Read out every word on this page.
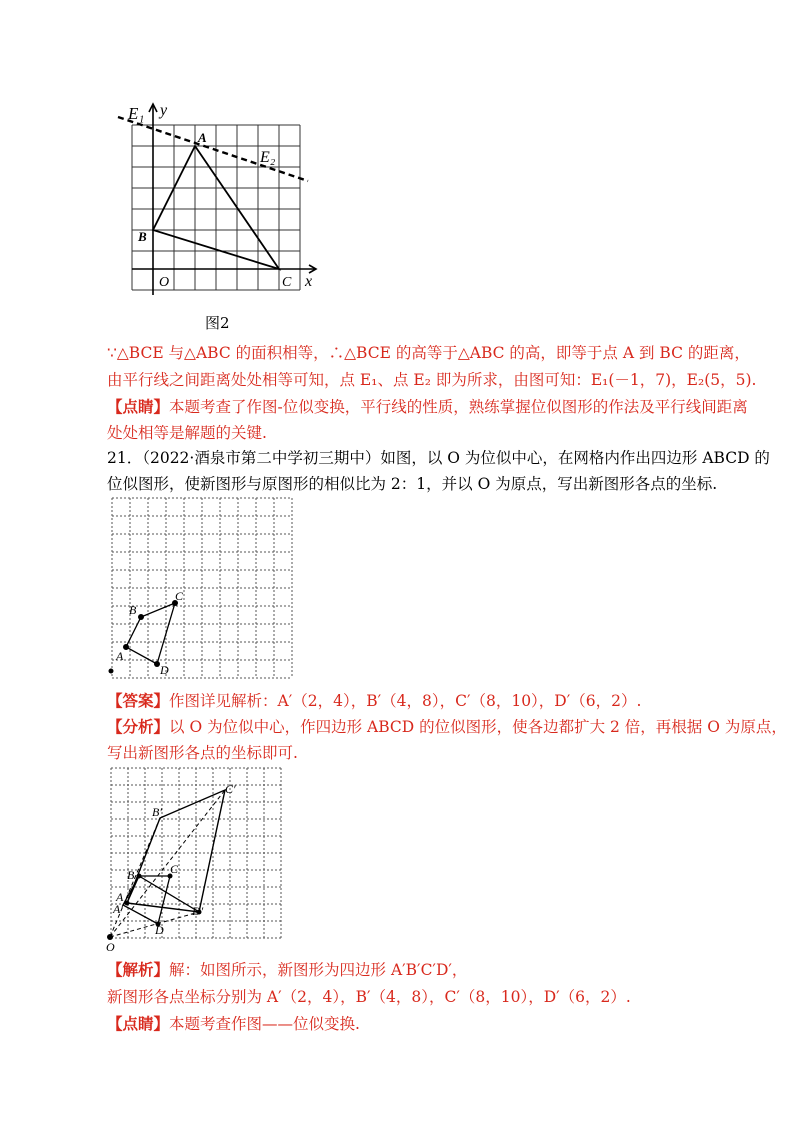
E₁ y
A
E₂
B
O	C x
图2
∵△BCE 与△ABC 的面积相等，∴△BCE 的高等于△ABC 的高，即等于点 A 到 BC 的距离，
由平行线之间距离处处相等可知，点 E₁、点 E₂ 即为所求，由图可知：E₁(－1，7)，E₂(5，5).
【点睛】本题考查了作图-位似变换，平行线的性质，熟练掌握位似图形的作法及平行线间距离
处处相等是解题的关键.
21．（2022·酒泉市第二中学初三期中）如图，以 O 为位似中心，在网格内作出四边形 ABCD 的
位似图形，使新图形与原图形的相似比为 2：1，并以 O 为原点，写出新图形各点的坐标.
A
B
C
D
【答案】作图详见解析：A′（2，4），B′（4，8），C′（8，10），D′（6，2）.
【分析】以 O 为位似中心，作四边形 ABCD 的位似图形，使各边都扩大 2 倍，再根据 O 为原点，
写出新图形各点的坐标即可.
A
B	C
D
A′
B′
C′
D′
O
【解析】解：如图所示，新图形为四边形 A′B′C′D′，
新图形各点坐标分别为 A′（2，4），B′（4，8），C′（8，10），D′（6，2）.
【点睛】本题考查作图——位似变换.
